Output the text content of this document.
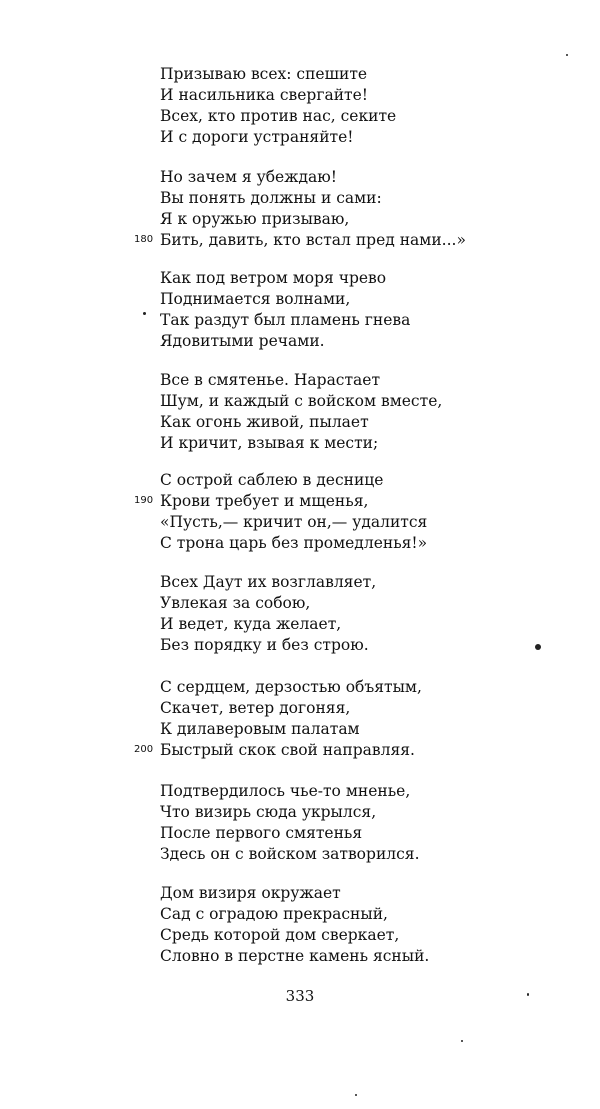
Призываю всех: спешите
И насильника свергайте!
Всех, кто против нас, секите
И с дороги устраняйте!
Но зачем я убеждаю!
Вы понять должны и сами:
Я к оружью призываю,
180 Бить, давить, кто встал пред нами...»
Как под ветром моря чрево
Поднимается волнами,
Так раздут был пламень гнева
Ядовитыми речами.
Все в смятенье. Нарастает
Шум, и каждый с войском вместе,
Как огонь живой, пылает
И кричит, взывая к мести;
С острой саблею в деснице
190 Крови требует и мщенья,
«Пусть,— кричит он,— удалится
С трона царь без промедленья!»
Всех Даут их возглавляет,
Увлекая за собою,
И ведет, куда желает,
Без порядку и без строю.
С сердцем, дерзостью объятым,
Скачет, ветер догоняя,
К дилаверовым палатам
200 Быстрый скок свой направляя.
Подтвердилось чье-то мненье,
Что визирь сюда укрылся,
После первого смятенья
Здесь он с войском затворился.
Дом визиря окружает
Сад с оградою прекрасный,
Средь которой дом сверкает,
Словно в перстне камень ясный.
333
